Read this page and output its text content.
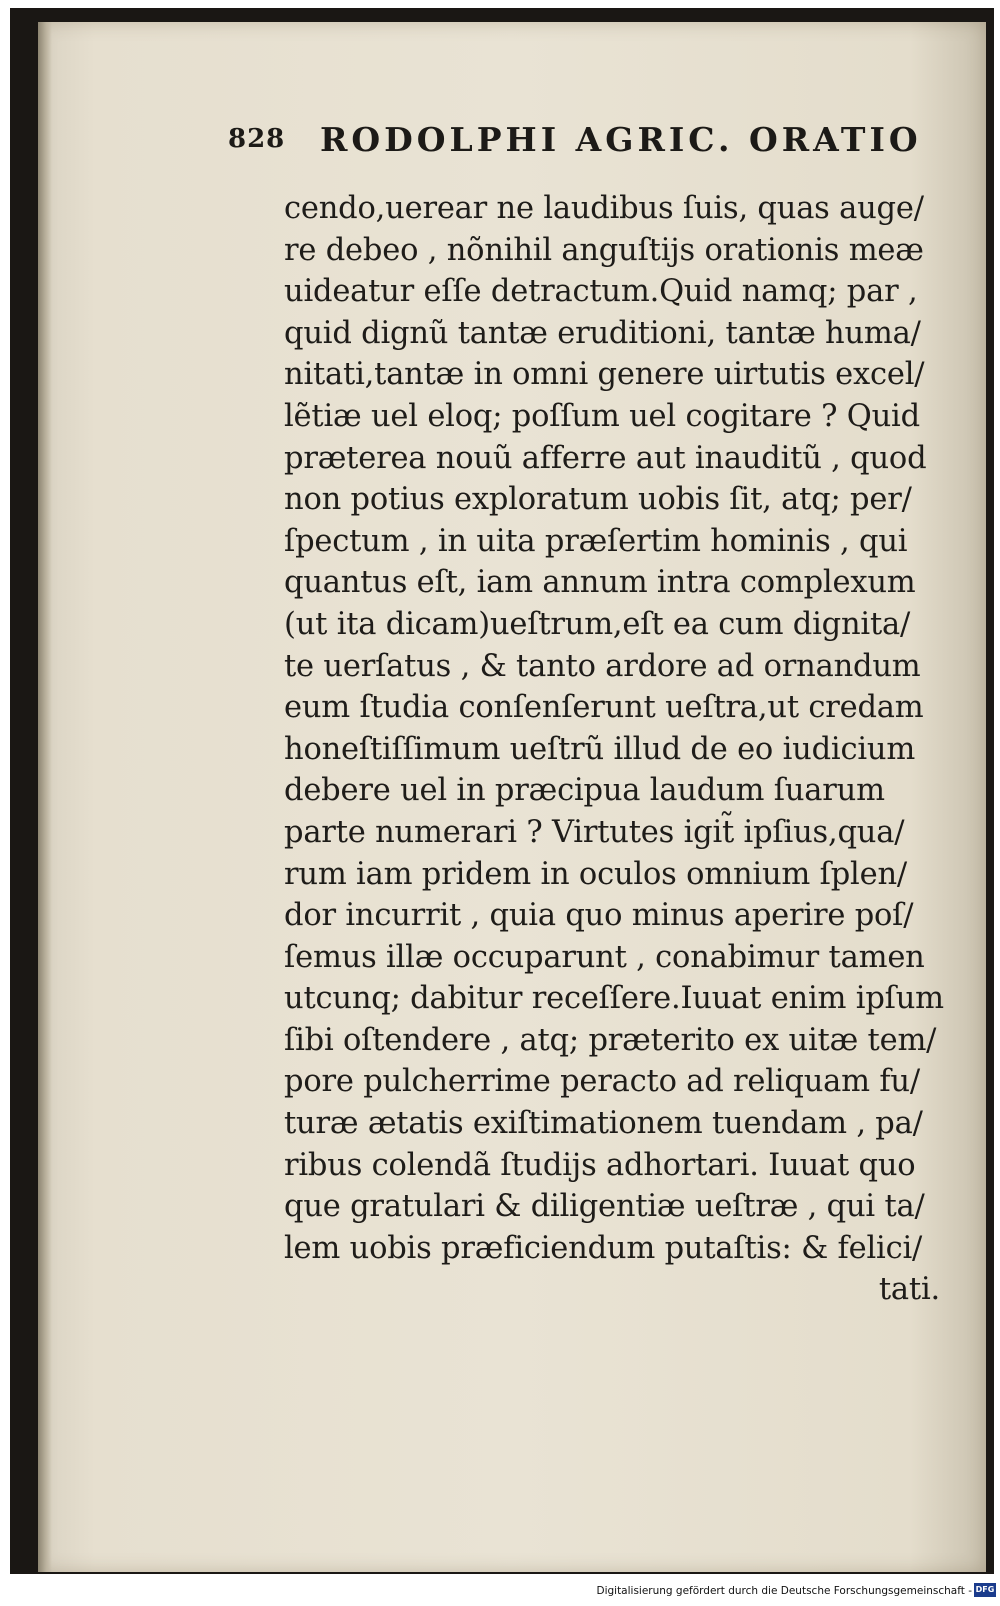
828 RODOLPHI AGRIC. ORATIO
cendo,uerear ne laudibus ſuis, quas auge/
re debeo , nõnihil anguſtijs orationis meæ
uideatur eſſe detractum.Quid namq; par ,
quid dignũ tantæ eruditioni, tantæ huma/
nitati,tantæ in omni genere uirtutis excel/
lẽtiæ uel eloq; poſſum uel cogitare ? Quid
præterea nouũ afferre aut inauditũ , quod
non potius exploratum uobis ſit, atq; per/
ſpectum , in uita præſertim hominis , qui
quantus eſt, iam annum intra complexum
(ut ita dicam)ueſtrum,eſt ea cum dignita/
te uerſatus , & tanto ardore ad ornandum
eum ſtudia conſenſerunt ueſtra,ut credam
honeſtiſſimum ueſtrũ illud de eo iudicium
debere uel in præcipua laudum ſuarum
parte numerari ? Virtutes igit̃ ipſius,qua/
rum iam pridem in oculos omnium ſplen/
dor incurrit , quia quo minus aperire poſ/
ſemus illæ occuparunt , conabimur tamen
utcunq; dabitur receſſere.Iuuat enim ipſum
ſibi oſtendere , atq; præterito ex uitæ tem/
pore pulcherrime peracto ad reliquam fu/
turæ ætatis exiſtimationem tuendam , pa/
ribus colendã ſtudijs adhortari. Iuuat quo
que gratulari & diligentiæ ueſtræ , qui ta/
lem uobis præficiendum putaſtis: & felici/
tati.
Digitalisierung gefördert durch die Deutsche Forschungsgemeinschaft - DFG
